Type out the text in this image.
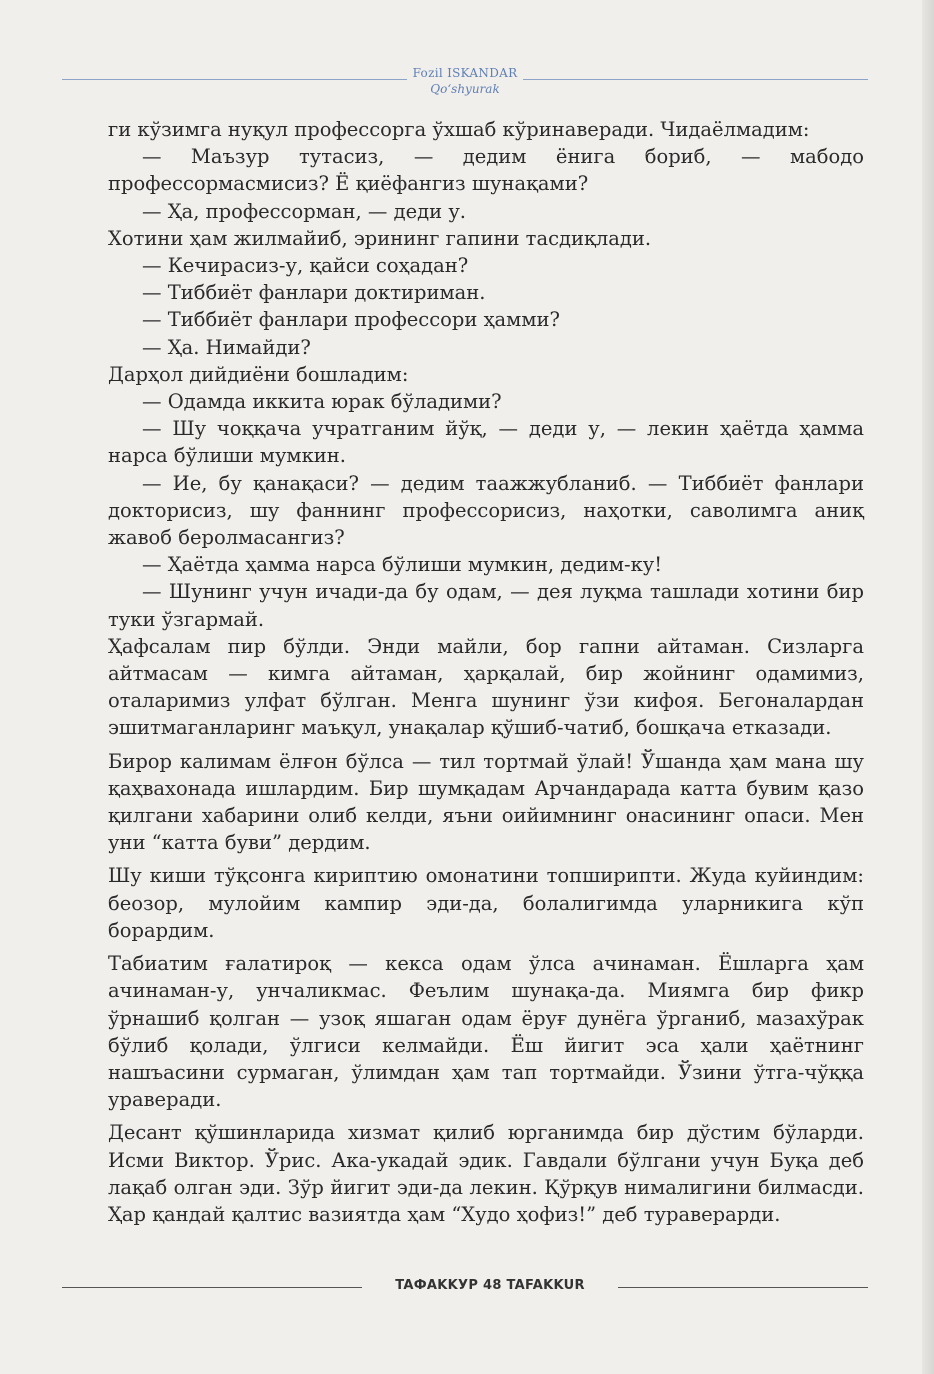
Fozil ISKANDAR
Qo‘shyurak

ги кўзимга нуқул профессорга ўхшаб кўринаверади. Чидаёлмадим:

— Маъзур тутасиз, — дедим ёнига бориб, — мабодо профессормасмисиз? Ё қиёфангиз шунақами?

— Ҳа, профессорман, — деди у.

Хотини ҳам жилмайиб, эрининг гапини тасдиқлади.

— Кечирасиз-у, қайси соҳадан?

— Тиббиёт фанлари доктириман.

— Тиббиёт фанлари профессори ҳамми?

— Ҳа. Нимайди?

Дарҳол дийдиёни бошладим:

— Одамда иккита юрак бўладими?

— Шу чоққача учратганим йўқ, — деди у, — лекин ҳаётда ҳамма нарса бўлиши мумкин.

— Ие, бу қанақаси? — дедим таажжубланиб. — Тиббиёт фанлари докторисиз, шу фаннинг профессорисиз, наҳотки, саволимга аниқ жавоб беролмасангиз?

— Ҳаётда ҳамма нарса бўлиши мумкин, дедим-ку!

— Шунинг учун ичади-да бу одам, — дея луқма ташлади хотини бир туки ўзгармай.

Ҳафсалам пир бўлди. Энди майли, бор гапни айтаман. Сизларга айтмасам — кимга айтаман, ҳарқалай, бир жойнинг одамимиз, оталаримиз улфат бўлган. Менга шунинг ўзи кифоя. Бегоналардан эшитмаганларинг маъқул, унақалар қўшиб-чатиб, бошқача етказади.

Бирор калимам ёлғон бўлса — тил тортмай ўлай! Ўшанда ҳам мана шу қаҳвахонада ишлардим. Бир шумқадам Арчандарада катта бувим қазо қилгани хабарини олиб келди, яъни оийимнинг онасининг опаси. Мен уни “катта буви” дердим.

Шу киши тўқсонга кириптию омонатини топширипти. Жуда куйиндим: беозор, мулойим кампир эди-да, болалигимда уларникига кўп борардим.

Табиатим ғалатироқ — кекса одам ўлса ачинаман. Ёшларга ҳам ачинаман-у, унчаликмас. Феълим шунақа-да. Миямга бир фикр ўрнашиб қолган — узоқ яшаган одам ёруғ дунёга ўрганиб, мазахўрак бўлиб қолади, ўлгиси келмайди. Ёш йигит эса ҳали ҳаётнинг нашъасини сурмаган, ўлимдан ҳам тап тортмайди. Ўзини ўтга-чўққа ураверади.

Десант қўшинларида хизмат қилиб юрганимда бир дўстим бўларди. Исми Виктор. Ўрис. Ака-укадай эдик. Гавдали бўлгани учун Буқа деб лақаб олган эди. Зўр йигит эди-да лекин. Қўрқув нималигини билмасди. Ҳар қандай қалтис вазиятда ҳам “Худо ҳофиз!” деб тураверарди.

TAФAKKУP 48 TAFAKKUR
